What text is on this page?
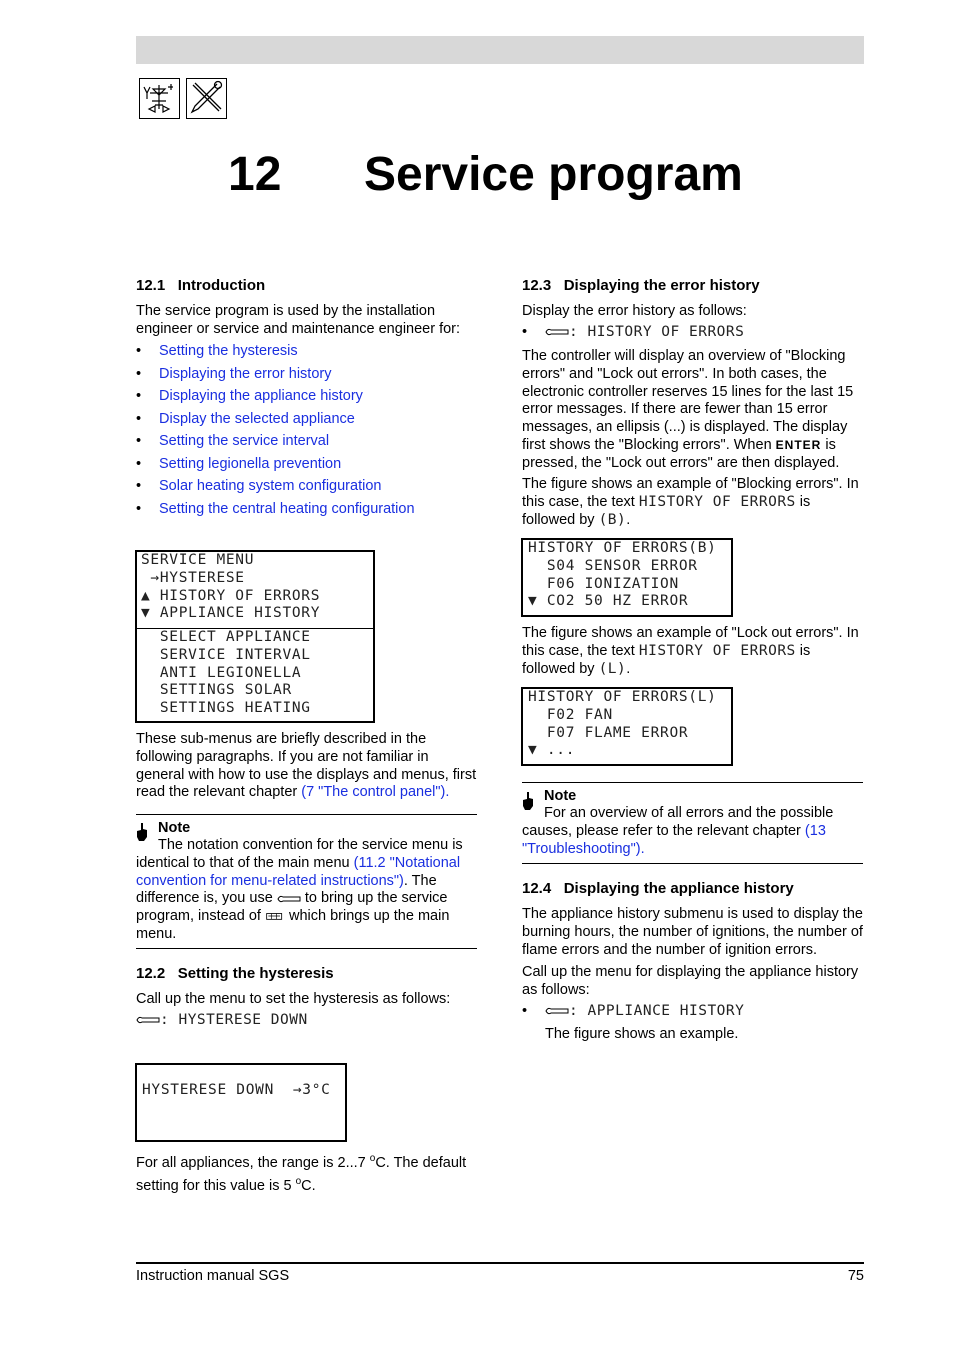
12 Service program
12.1   Introduction
The service program is used by the installation engineer or service and maintenance engineer for:
• Setting the hysteresis
• Displaying the error history
• Displaying the appliance history
• Display the selected appliance
• Setting the service interval
• Setting legionella prevention
• Solar heating system configuration
• Setting the central heating configuration
SERVICE MENU
→HYSTERESE
▲ HISTORY OF ERRORS
▼ APPLIANCE HISTORY
SELECT APPLIANCE
SERVICE INTERVAL
ANTI LEGIONELLA
SETTINGS SOLAR
SETTINGS HEATING
These sub-menus are briefly described in the following paragraphs. If you are not familiar in general with how to use the displays and menus, first read the relevant chapter (7 "The control panel").
Note
The notation convention for the service menu is identical to that of the main menu (11.2 "Notational convention for menu-related instructions"). The difference is, you use  to bring up the service program, instead of  which brings up the main menu.
12.2   Setting the hysteresis
Call up the menu to set the hysteresis as follows:
: HYSTERESE DOWN
HYSTERESE DOWN  →3°C
For all appliances, the range is 2...7 $^o$C. The default setting for this value is 5 $^o$C.
12.3   Displaying the error history
Display the error history as follows:
•	: HISTORY OF ERRORS
The controller will display an overview of "Blocking errors" and "Lock out errors". In both cases, the electronic controller reserves 15 lines for the last 15 error messages. If there are fewer than 15 error messages, an ellipsis (...) is displayed. The display first shows the "Blocking errors". When ENTER is pressed, the "Lock out errors" are then displayed.
The figure shows an example of "Blocking errors". In this case, the text HISTORY OF ERRORS is followed by (B).
HISTORY OF ERRORS(B)
S04 SENSOR ERROR
F06 IONIZATION
▼ CO2 50 HZ ERROR
The figure shows an example of "Lock out errors". In this case, the text HISTORY OF ERRORS is followed by (L).
HISTORY OF ERRORS(L)
F02 FAN
F07 FLAME ERROR
▼ ...
Note
For an overview of all errors and the possible causes, please refer to the relevant chapter (13 "Troubleshooting").
12.4   Displaying the appliance history
The appliance history submenu is used to display the burning hours, the number of ignitions, the number of flame errors and the number of ignition errors.
Call up the menu for displaying the appliance history as follows:
•	: APPLIANCE HISTORY
The figure shows an example.
Instruction manual SGS	75
